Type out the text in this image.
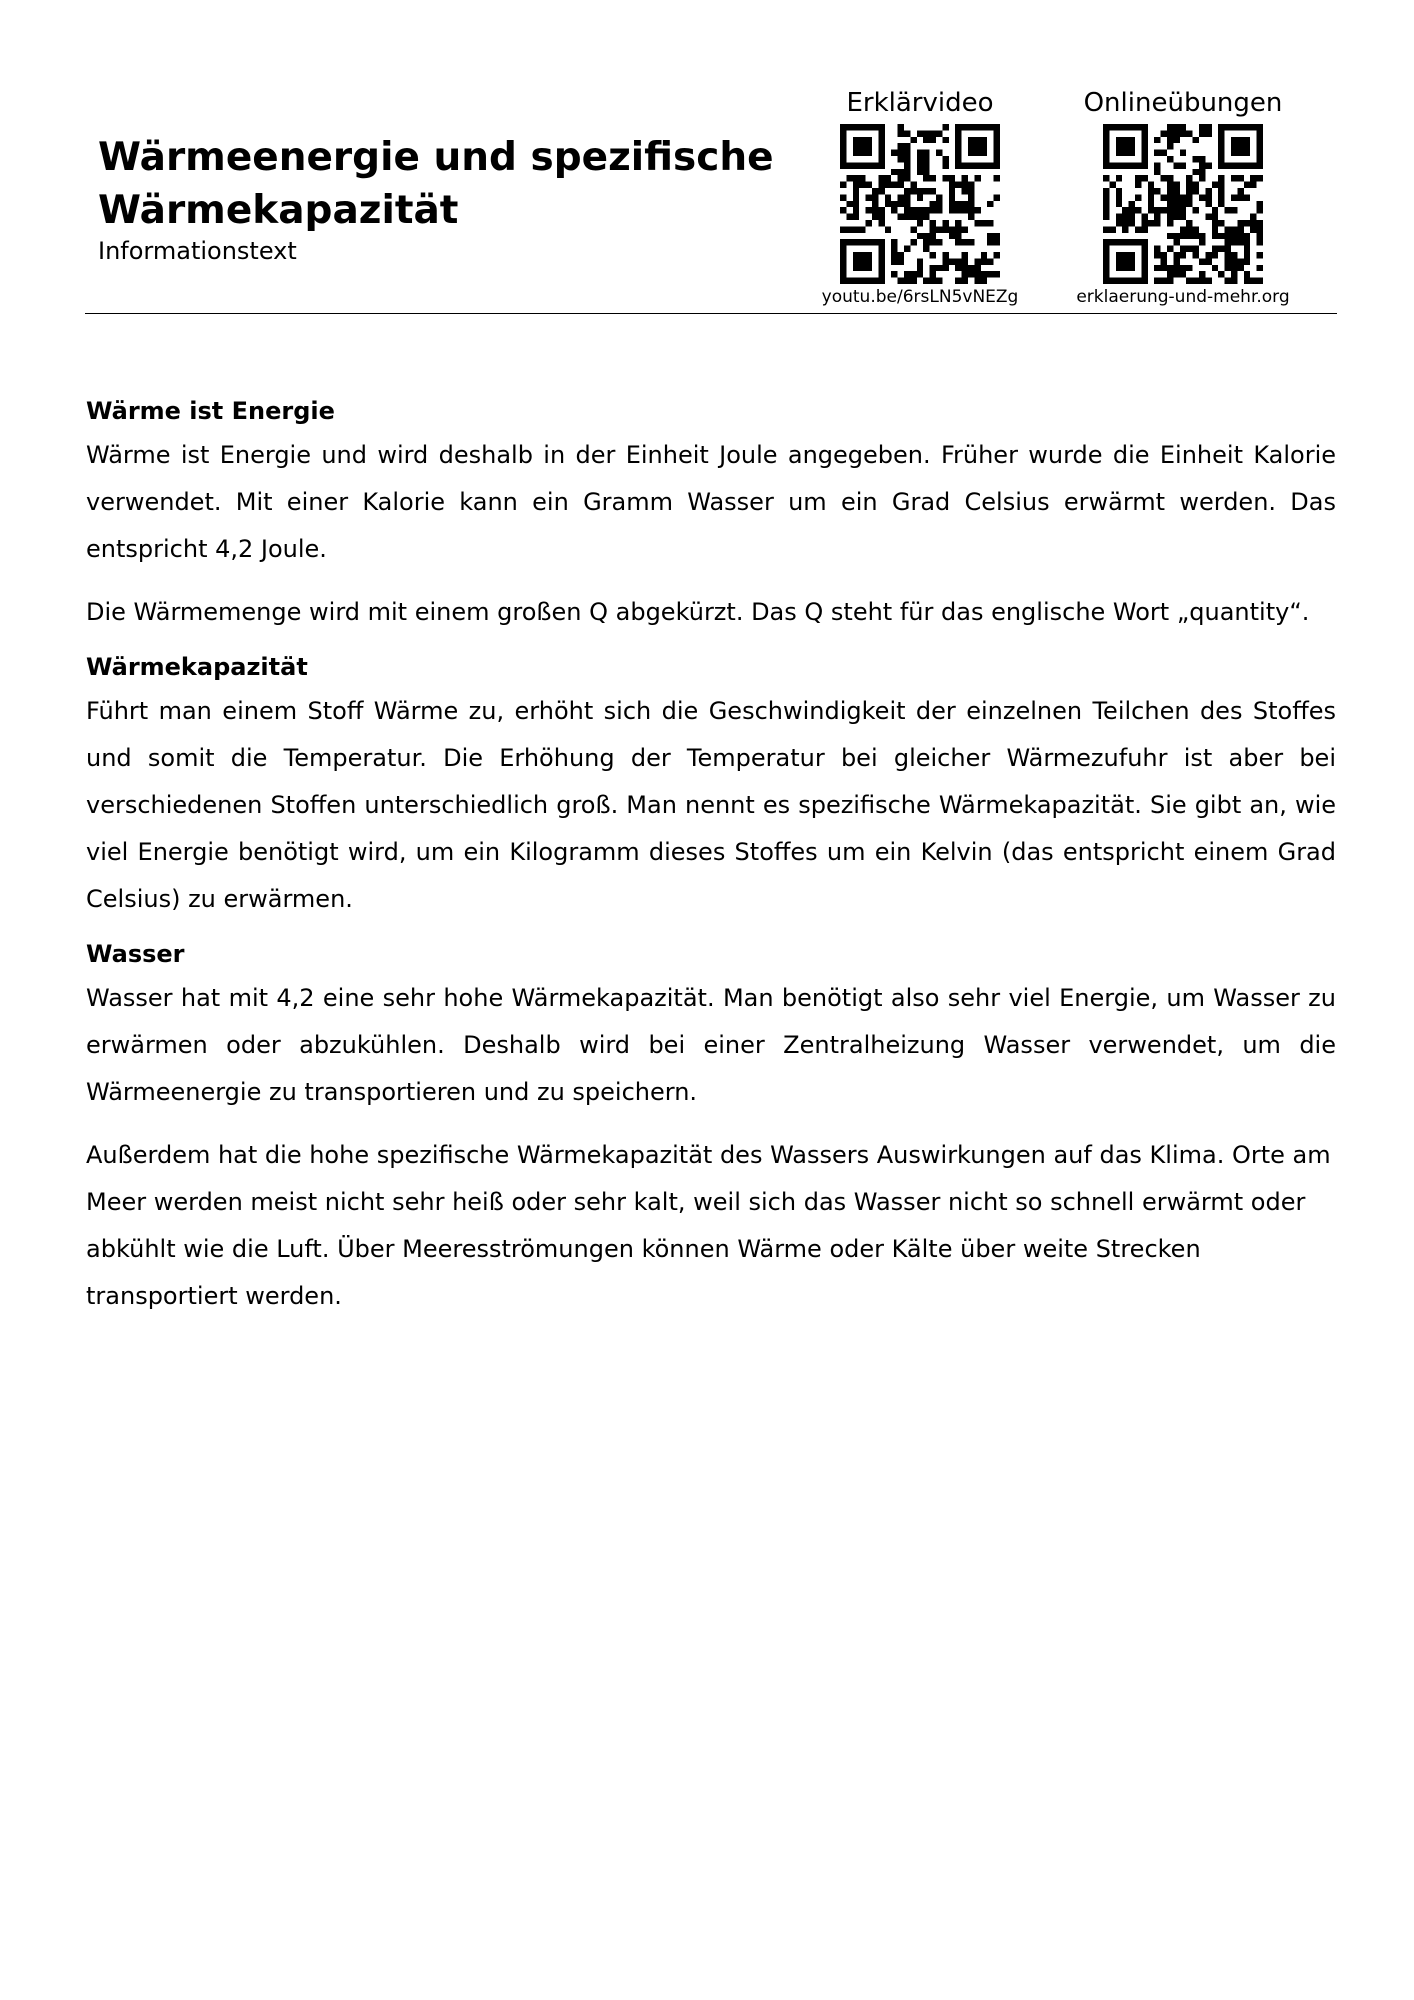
Wärmeenergie und spezifische Wärmekapazität
Informationstext
Erklärvideo
youtu.be/6rsLN5vNEZg
Onlineübungen
erklaerung-und-mehr.org
Wärme ist Energie

Wärme ist Energie und wird deshalb in der Einheit Joule angegeben. Früher wurde die Einheit Kalorie verwendet. Mit einer Kalorie kann ein Gramm Wasser um ein Grad Celsius erwärmt werden. Das entspricht 4,2 Joule.

Die Wärmemenge wird mit einem großen Q abgekürzt. Das Q steht für das englische Wort „quantity“.

Wärmekapazität

Führt man einem Stoff Wärme zu, erhöht sich die Geschwindigkeit der einzelnen Teilchen des Stoffes und somit die Temperatur. Die Erhöhung der Temperatur bei gleicher Wärmezufuhr ist aber bei verschiedenen Stoffen unterschiedlich groß. Man nennt es spezifische Wärmekapazität. Sie gibt an, wie viel Energie benötigt wird, um ein Kilogramm dieses Stoffes um ein Kelvin (das entspricht einem Grad Celsius) zu erwärmen.

Wasser

Wasser hat mit 4,2 eine sehr hohe Wärmekapazität. Man benötigt also sehr viel Energie, um Wasser zu erwärmen oder abzukühlen. Deshalb wird bei einer Zentralheizung Wasser verwendet, um die Wärmeenergie zu transportieren und zu speichern.

Außerdem hat die hohe spezifische Wärmekapazität des Wassers Auswirkungen auf das Klima. Orte am Meer werden meist nicht sehr heiß oder sehr kalt, weil sich das Wasser nicht so schnell erwärmt oder abkühlt wie die Luft. Über Meeresströmungen können Wärme oder Kälte über weite Strecken transportiert werden.
